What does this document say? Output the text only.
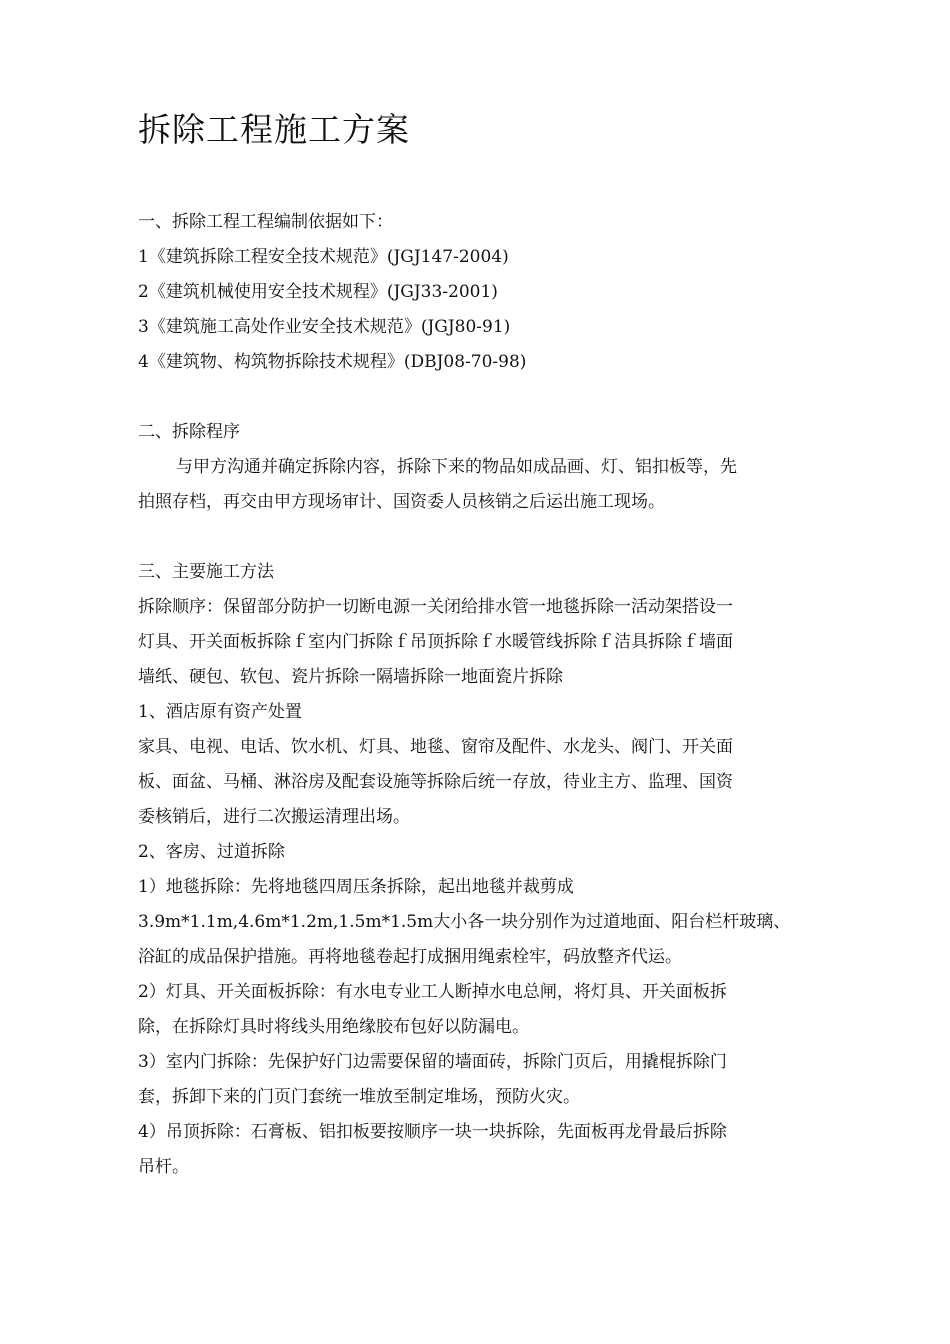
拆除工程施工方案
一、拆除工程工程编制依据如下：
1《建筑拆除工程安全技术规范》(JGJ147-2004)
2《建筑机械使用安全技术规程》(JGJ33-2001)
3《建筑施工高处作业安全技术规范》(JGJ80-91)
4《建筑物、构筑物拆除技术规程》(DBJ08-70-98)
二、拆除程序
与甲方沟通并确定拆除内容，拆除下来的物品如成品画、灯、铝扣板等，先
拍照存档，再交由甲方现场审计、国资委人员核销之后运出施工现场。
三、主要施工方法
拆除顺序：保留部分防护一切断电源一关闭给排水管一地毯拆除一活动架搭设一
灯具、开关面板拆除ｆ室内门拆除ｆ吊顶拆除ｆ水暖管线拆除ｆ洁具拆除ｆ墙面
墙纸、硬包、软包、瓷片拆除一隔墙拆除一地面瓷片拆除
1、酒店原有资产处置
家具、电视、电话、饮水机、灯具、地毯、窗帘及配件、水龙头、阀门、开关面
板、面盆、马桶、淋浴房及配套设施等拆除后统一存放，待业主方、监理、国资
委核销后，进行二次搬运清理出场。
2、客房、过道拆除
1）地毯拆除：先将地毯四周压条拆除，起出地毯并裁剪成
3.9m*1.1m,4.6m*1.2m,1.5m*1.5m大小各一块分别作为过道地面、阳台栏杆玻璃、
浴缸的成品保护措施。再将地毯卷起打成捆用绳索栓牢，码放整齐代运。
2）灯具、开关面板拆除：有水电专业工人断掉水电总闸，将灯具、开关面板拆
除，在拆除灯具时将线头用绝缘胶布包好以防漏电。
3）室内门拆除：先保护好门边需要保留的墙面砖，拆除门页后，用撬棍拆除门
套，拆卸下来的门页门套统一堆放至制定堆场，预防火灾。
4）吊顶拆除：石膏板、铝扣板要按顺序一块一块拆除，先面板再龙骨最后拆除
吊杆。
